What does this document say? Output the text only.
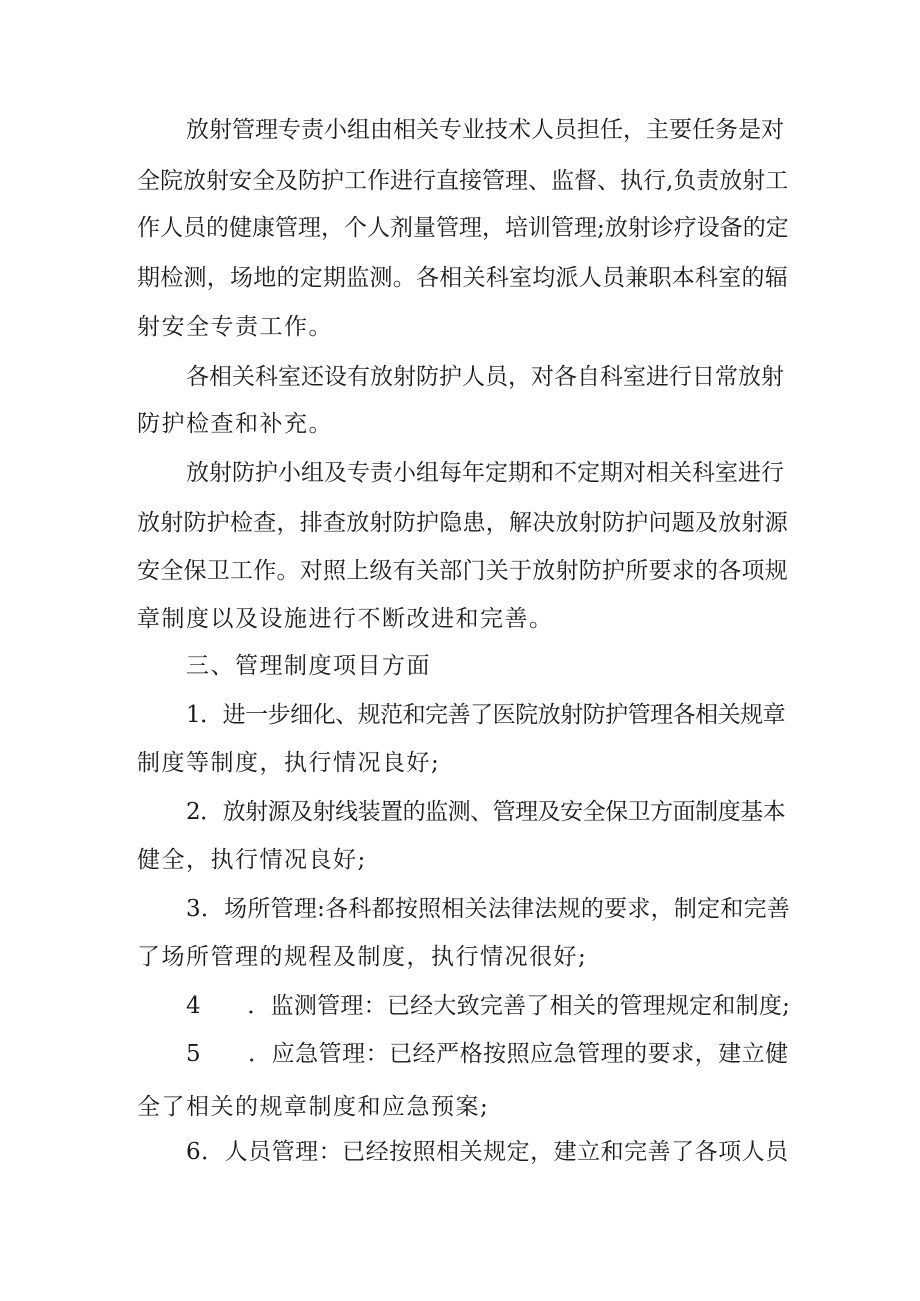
放射管理专责小组由相关专业技术人员担任，主要任务是对
全院放射安全及防护工作进行直接管理、监督、执行,负责放射工
作人员的健康管理，个人剂量管理，培训管理;放射诊疗设备的定
期检测，场地的定期监测。各相关科室均派人员兼职本科室的辐
射安全专责工作。
各相关科室还设有放射防护人员，对各自科室进行日常放射
防护检查和补充。
放射防护小组及专责小组每年定期和不定期对相关科室进行
放射防护检查，排查放射防护隐患，解决放射防护问题及放射源
安全保卫工作。对照上级有关部门关于放射防护所要求的各项规
章制度以及设施进行不断改进和完善。
三、管理制度项目方面
1．进一步细化、规范和完善了医院放射防护管理各相关规章
制度等制度，执行情况良好;
2．放射源及射线装置的监测、管理及安全保卫方面制度基本
健全，执行情况良好;
3．场所管理:各科都按照相关法律法规的要求，制定和完善
了场所管理的规程及制度，执行情况很好;
4　　．监测管理：已经大致完善了相关的管理规定和制度;
5　　．应急管理：已经严格按照应急管理的要求，建立健
全了相关的规章制度和应急预案;
6．人员管理：已经按照相关规定，建立和完善了各项人员
